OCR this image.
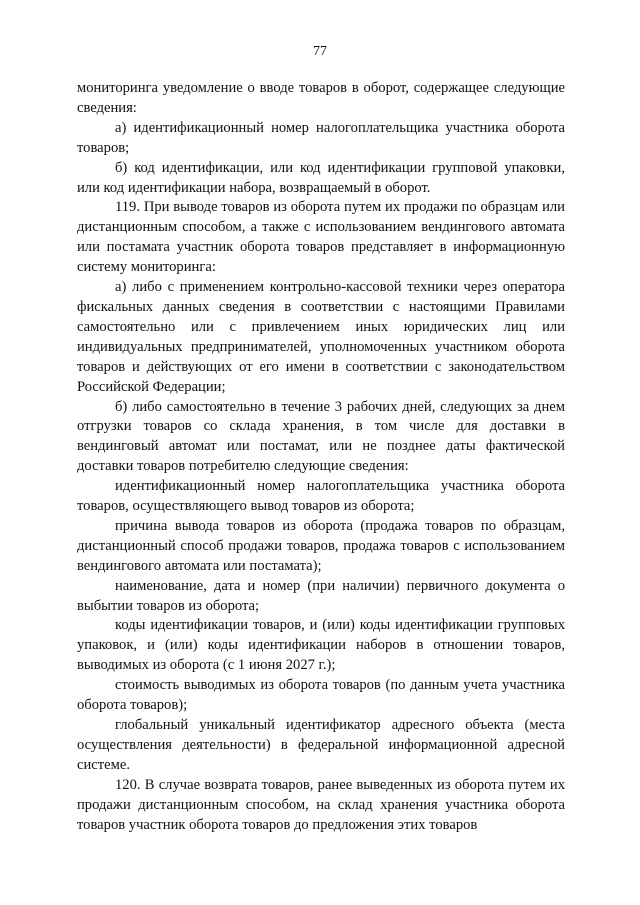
77

мониторинга уведомление о вводе товаров в оборот, содержащее следующие сведения:

а) идентификационный номер налогоплательщика участника оборота товаров;

б) код идентификации, или код идентификации групповой упаковки, или код идентификации набора, возвращаемый в оборот.

119. При выводе товаров из оборота путем их продажи по образцам или дистанционным способом, а также с использованием вендингового автомата или постамата участник оборота товаров представляет в информационную систему мониторинга:

а) либо с применением контрольно-кассовой техники через оператора фискальных данных сведения в соответствии с настоящими Правилами самостоятельно или с привлечением иных юридических лиц или индивидуальных предпринимателей, уполномоченных участником оборота товаров и действующих от его имени в соответствии с законодательством Российской Федерации;

б) либо самостоятельно в течение 3 рабочих дней, следующих за днем отгрузки товаров со склада хранения, в том числе для доставки в вендинговый автомат или постамат, или не позднее даты фактической доставки товаров потребителю следующие сведения:

идентификационный номер налогоплательщика участника оборота товаров, осуществляющего вывод товаров из оборота;

причина вывода товаров из оборота (продажа товаров по образцам, дистанционный способ продажи товаров, продажа товаров с использованием вендингового автомата или постамата);

наименование, дата и номер (при наличии) первичного документа о выбытии товаров из оборота;

коды идентификации товаров, и (или) коды идентификации групповых упаковок, и (или) коды идентификации наборов в отношении товаров, выводимых из оборота (с 1 июня 2027 г.);

стоимость выводимых из оборота товаров (по данным учета участника оборота товаров);

глобальный уникальный идентификатор адресного объекта (места осуществления деятельности) в федеральной информационной адресной системе.

120. В случае возврата товаров, ранее выведенных из оборота путем их продажи дистанционным способом, на склад хранения участника оборота товаров участник оборота товаров до предложения этих товаров
